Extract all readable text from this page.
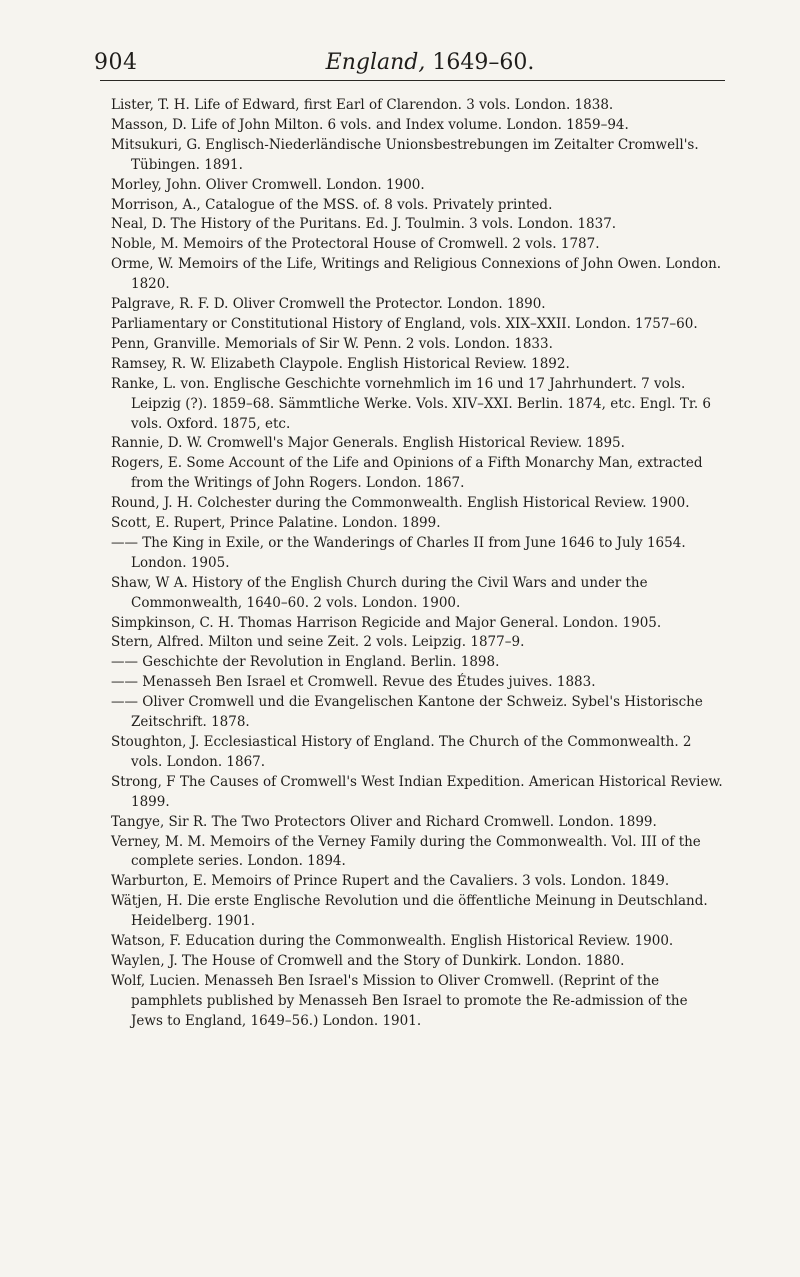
904	England, 1649–60.

Lister, T. H. Life of Edward, first Earl of Clarendon. 3 vols. London. 1838.

Masson, D. Life of John Milton. 6 vols. and Index volume. London. 1859–94.

Mitsukuri, G. Englisch-Niederländische Unionsbestrebungen im Zeitalter Cromwell's. Tübingen. 1891.

Morley, John. Oliver Cromwell. London. 1900.

Morrison, A., Catalogue of the MSS. of. 8 vols. Privately printed.

Neal, D. The History of the Puritans. Ed. J. Toulmin. 3 vols. London. 1837.

Noble, M. Memoirs of the Protectoral House of Cromwell. 2 vols. 1787.

Orme, W. Memoirs of the Life, Writings and Religious Connexions of John Owen. London. 1820.

Palgrave, R. F. D. Oliver Cromwell the Protector. London. 1890.

Parliamentary or Constitutional History of England, vols. XIX–XXII. London. 1757–60.

Penn, Granville. Memorials of Sir W. Penn. 2 vols. London. 1833.

Ramsey, R. W. Elizabeth Claypole. English Historical Review. 1892.

Ranke, L. von. Englische Geschichte vornehmlich im 16 und 17 Jahrhundert. 7 vols. Leipzig (?). 1859–68. Sämmtliche Werke. Vols. XIV–XXI. Berlin. 1874, etc. Engl. Tr. 6 vols. Oxford. 1875, etc.

Rannie, D. W. Cromwell's Major Generals. English Historical Review. 1895.

Rogers, E. Some Account of the Life and Opinions of a Fifth Monarchy Man, extracted from the Writings of John Rogers. London. 1867.

Round, J. H. Colchester during the Commonwealth. English Historical Review. 1900.

Scott, E. Rupert, Prince Palatine. London. 1899.

—— The King in Exile, or the Wanderings of Charles II from June 1646 to July 1654. London. 1905.

Shaw, W A. History of the English Church during the Civil Wars and under the Commonwealth, 1640–60. 2 vols. London. 1900.

Simpkinson, C. H. Thomas Harrison Regicide and Major General. London. 1905.

Stern, Alfred. Milton und seine Zeit. 2 vols. Leipzig. 1877–9.

—— Geschichte der Revolution in England. Berlin. 1898.

—— Menasseh Ben Israel et Cromwell. Revue des Études juives. 1883.

—— Oliver Cromwell und die Evangelischen Kantone der Schweiz. Sybel's Historische Zeitschrift. 1878.

Stoughton, J. Ecclesiastical History of England. The Church of the Commonwealth. 2 vols. London. 1867.

Strong, F The Causes of Cromwell's West Indian Expedition. American Historical Review. 1899.

Tangye, Sir R. The Two Protectors Oliver and Richard Cromwell. London. 1899.

Verney, M. M. Memoirs of the Verney Family during the Commonwealth. Vol. III of the complete series. London. 1894.

Warburton, E. Memoirs of Prince Rupert and the Cavaliers. 3 vols. London. 1849.

Wätjen, H. Die erste Englische Revolution und die öffentliche Meinung in Deutschland. Heidelberg. 1901.

Watson, F. Education during the Commonwealth. English Historical Review. 1900.

Waylen, J. The House of Cromwell and the Story of Dunkirk. London. 1880.

Wolf, Lucien. Menasseh Ben Israel's Mission to Oliver Cromwell. (Reprint of the pamphlets published by Menasseh Ben Israel to promote the Re-admission of the Jews to England, 1649–56.) London. 1901.
